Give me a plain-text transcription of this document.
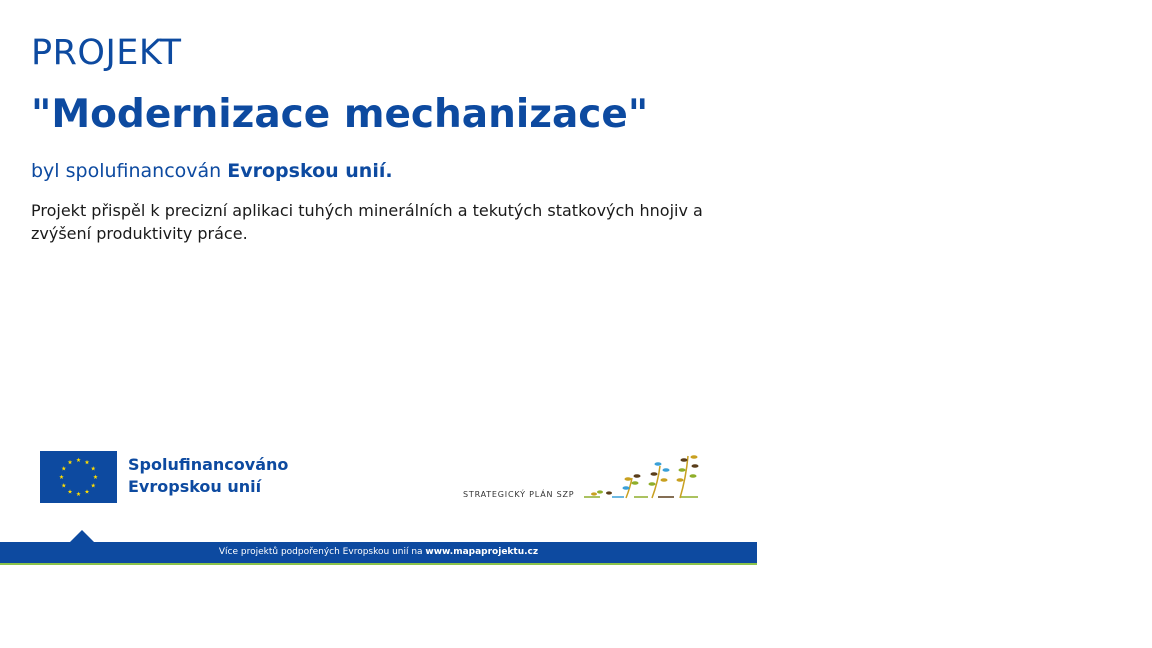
PROJEKT
"Modernizace mechanizace"

byl spolufinancován Evropskou unií.

Projekt přispěl k precizní aplikaci tuhých minerálních a tekutých statkových hnojiv a zvýšení produktivity práce.

Spolufinancováno
Evropskou unií	STRATEGICKÝ PLÁN SZP

Více projektů podpořených Evropskou unií na www.mapaprojektu.cz
